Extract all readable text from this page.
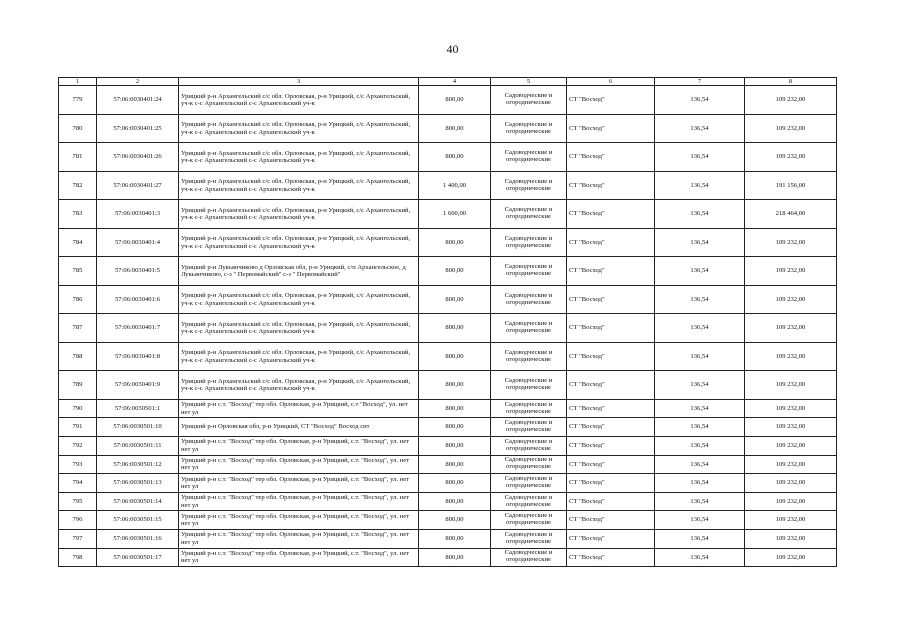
40
1	2	3	4	5	6	7	8
779	57:06:0030401:24	Урицкий р-н Архангельский с/с обл. Орловская, р-н Урицкий, с/с Архангельский, уч-к с-с Архангельский с-с Архангельский уч-к	800,00	Садоводческие и огороднические	СТ "Восход"	136,54	109 232,00
780	57:06:0030401:25	Урицкий р-н Архангельский с/с обл. Орловская, р-н Урицкий, с/с Архангельский, уч-к с-с Архангельский с-с Архангельский уч-к	800,00	Садоводческие и огороднические	СТ "Восход"	136,54	109 232,00
781	57:06:0030401:26	Урицкий р-н Архангельский с/с обл. Орловская, р-н Урицкий, с/с Архангельский, уч-к с-с Архангельский с-с Архангельский уч-к	800,00	Садоводческие и огороднические	СТ "Восход"	136,54	109 232,00
782	57:06:0030401:27	Урицкий р-н Архангельский с/с обл. Орловская, р-н Урицкий, с/с Архангельский, уч-к с-с Архангельский с-с Архангельский уч-к	1 400,00	Садоводческие и огороднические	СТ "Восход"	136,54	191 156,00
783	57:06:0030401:3	Урицкий р-н Архангельский с/с обл. Орловская, р-н Урицкий, с/с Архангельский, уч-к с-с Архангельский с-с Архангельский уч-к	1 600,00	Садоводческие и огороднические	СТ "Восход"	136,54	218 464,00
784	57:06:0030401:4	Урицкий р-н Архангельский с/с обл. Орловская, р-н Урицкий, с/с Архангельский, уч-к с-с Архангельский с-с Архангельский уч-к	800,00	Садоводческие и огороднические	СТ "Восход"	136,54	109 232,00
785	57:06:0030401:5	Урицкий р-н Лукьянчиково д Орловская обл, р-н Урицкий, с/п Архангельское, д Лукьянчиково, с-з " Первомайский" с-з " Первомайский"	800,00	Садоводческие и огороднические	СТ "Восход"	136,54	109 232,00
786	57:06:0030401:6	Урицкий р-н Архангельский с/с обл. Орловская, р-н Урицкий, с/с Архангельский, уч-к с-с Архангельский с-с Архангельский уч-к	800,00	Садоводческие и огороднические	СТ "Восход"	136,54	109 232,00
787	57:06:0030401:7	Урицкий р-н Архангельский с/с обл. Орловская, р-н Урицкий, с/с Архангельский, уч-к с-с Архангельский с-с Архангельский уч-к	800,00	Садоводческие и огороднические	СТ "Восход"	136,54	109 232,00
788	57:06:0030401:8	Урицкий р-н Архангельский с/с обл. Орловская, р-н Урицкий, с/с Архангельский, уч-к с-с Архангельский с-с Архангельский уч-к	800,00	Садоводческие и огороднические	СТ "Восход"	136,54	109 232,00
789	57:06:0030401:9	Урицкий р-н Архангельский с/с обл. Орловская, р-н Урицкий, с/с Архангельский, уч-к с-с Архангельский с-с Архангельский уч-к	800,00	Садоводческие и огороднические	СТ "Восход"	136,54	109 232,00
790	57:06:0030501:1	Урицкий р-н с.т. "Восход" тер обл. Орловская, р-н Урицкий, с.т "Восход", ул. нет нет ул	800,00	Садоводческие и огороднические	СТ "Восход"	136,54	109 232,00
791	57:06:0030501:10	Урицкий р-н Орловская обл, р-н Урицкий, СТ "Восход" Восход снт	800,00	Садоводческие и огороднические	СТ "Восход"	136,54	109 232,00
792	57:06:0030501:11	Урицкий р-н с.т. "Восход" тер обл. Орловская, р-н Урицкий, с.т. "Восход", ул. нет нет ул	800,00	Садоводческие и огороднические	СТ "Восход"	136,54	109 232,00
793	57:06:0030501:12	Урицкий р-н с.т. "Восход" тер обл. Орловская, р-н Урицкий, с.т. "Восход", ул. нет нет ул	800,00	Садоводческие и огороднические	СТ "Восход"	136,54	109 232,00
794	57:06:0030501:13	Урицкий р-н с.т. "Восход" тер обл. Орловская, р-н Урицкий, с.т. "Восход", ул. нет нет ул	800,00	Садоводческие и огороднические	СТ "Восход"	136,54	109 232,00
795	57:06:0030501:14	Урицкий р-н с.т. "Восход" тер обл. Орловская, р-н Урицкий, с.т. "Восход", ул. нет нет ул	800,00	Садоводческие и огороднические	СТ "Восход"	136,54	109 232,00
796	57:06:0030501:15	Урицкий р-н с.т. "Восход" тер обл. Орловская, р-н Урицкий, с.т. "Восход", ул. нет нет ул	800,00	Садоводческие и огороднические	СТ "Восход"	136,54	109 232,00
797	57:06:0030501:16	Урицкий р-н с.т. "Восход" тер обл. Орловская, р-н Урицкий, с.т. "Восход", ул. нет нет ул	800,00	Садоводческие и огороднические	СТ "Восход"	136,54	109 232,00
798	57:06:0030501:17	Урицкий р-н с.т. "Восход" тер обл. Орловская, р-н Урицкий, с.т. "Восход", ул. нет нет ул	800,00	Садоводческие и огороднические	СТ "Восход"	136,54	109 232,00
